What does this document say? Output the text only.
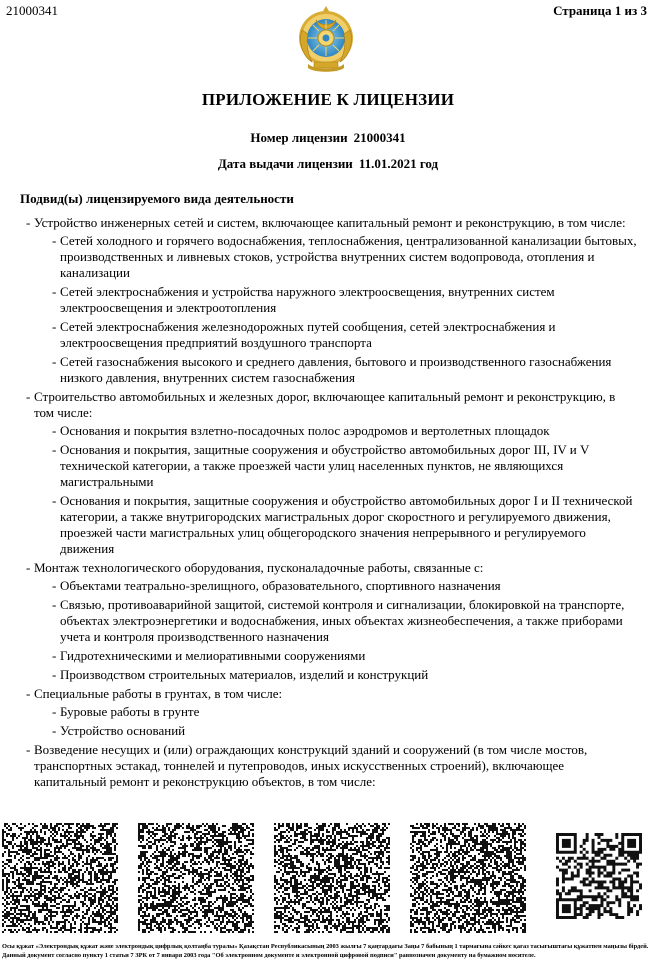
21000341	Страница 1 из 3
ПРИЛОЖЕНИЕ К ЛИЦЕНЗИИ
Номер лицензии 21000341
Дата выдачи лицензии 11.01.2021 год
Подвид(ы) лицензируемого вида деятельности
- Устройство инженерных сетей и систем, включающее капитальный ремонт и реконструкцию, в том числе:
- Сетей холодного и горячего водоснабжения, теплоснабжения, централизованной канализации бытовых, производственных и ливневых стоков, устройства внутренних систем водопровода, отопления и канализации
- Сетей электроснабжения и устройства наружного электроосвещения, внутренних систем электроосвещения и электроотопления
- Сетей электроснабжения железнодорожных путей сообщения, сетей электроснабжения и электроосвещения предприятий воздушного транспорта
- Сетей газоснабжения высокого и среднего давления, бытового и производственного газоснабжения низкого давления, внутренних систем газоснабжения
- Строительство автомобильных и железных дорог, включающее капитальный ремонт и реконструкцию, в том числе:
- Основания и покрытия взлетно-посадочных полос аэродромов и вертолетных площадок
- Основания и покрытия, защитные сооружения и обустройство автомобильных дорог III, IV и V технической категории, а также проезжей части улиц населенных пунктов, не являющихся магистральными
- Основания и покрытия, защитные сооружения и обустройство автомобильных дорог I и II технической категории, а также внутригородских магистральных дорог скоростного и регулируемого движения, проезжей части магистральных улиц общегородского значения непрерывного и регулируемого движения
- Монтаж технологического оборудования, пусконаладочные работы, связанные с:
- Объектами театрально-зрелищного, образовательного, спортивного назначения
- Связью, противоаварийной защитой, системой контроля и сигнализации, блокировкой на транспорте, объектах электроэнергетики и водоснабжения, иных объектах жизнеобеспечения, а также приборами учета и контроля производственного назначения
- Гидротехническими и мелиоративными сооружениями
- Производством строительных материалов, изделий и конструкций
- Специальные работы в грунтах, в том числе:
- Буровые работы в грунте
- Устройство оснований
- Возведение несущих и (или) ограждающих конструкций зданий и сооружений (в том числе мостов, транспортных эстакад, тоннелей и путепроводов, иных искусственных строений), включающее капитальный ремонт и реконструкцию объектов, в том числе:
Осы құжат «Электрондық құжат және электрондық цифрлық қолтаңба туралы» Қазақстан Республикасының 2003 жылғы 7 қаңтардағы Заңы 7 бабының 1 тармағына сәйкес қағаз тасығыштағы құжатпен маңызы бірдей. Данный документ согласно пункту 1 статьи 7 ЗРК от 7 января 2003 года "Об электронном документе и электронной цифровой подписи" равнозначен документу на бумажном носителе.
